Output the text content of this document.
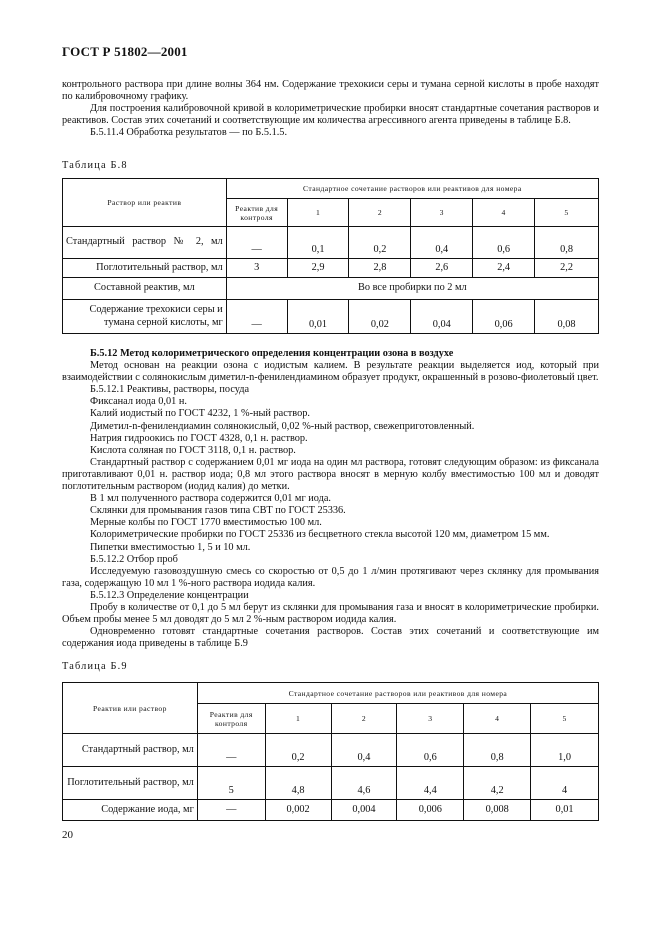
ГОСТ Р 51802—2001

контрольного раствора при длине волны 364 нм. Содержание трехокиси серы и тумана серной кислоты в пробе находят по калибровочному графику.

Для построения калибровочной кривой в колориметрические пробирки вносят стандартные сочетания растворов и реактивов. Состав этих сочетаний и соответствующие им количества агрессивного агента приведены в таблице Б.8.

Б.5.11.4 Обработка результатов — по Б.5.1.5.

Таблица Б.8
Раствор или реактив	Стандартное сочетание растворов или реактивов для номера					
	Реактив для контроля	1	2	3	4	5
Стандартный раствор № 2, мл	—	0,1	0,2	0,4	0,6	0,8
Поглотительный раствор, мл	3	2,9	2,8	2,6	2,4	2,2
Составной реактив, мл	Во все пробирки по 2 мл					
Содержание трехокиси серы и тумана серной кислоты, мг	—	0,01	0,02	0,04	0,06	0,08

Б.5.12 Метод колориметрического определения концентрации озона в воздухе

Метод основан на реакции озона с иодистым калием. В результате реакции выделяется иод, который при взаимодействии с солянокислым диметил-n-фенилендиамином образует продукт, окрашенный в розово-фиолетовый цвет.

Б.5.12.1 Реактивы, растворы, посуда

Фиксанал иода 0,01 н.

Калий иодистый по ГОСТ 4232, 1 %-ный раствор.

Диметил-n-фенилендиамин солянокислый, 0,02 %-ный раствор, свежеприготовленный.

Натрия гидроокись по ГОСТ 4328, 0,1 н. раствор.

Кислота соляная по ГОСТ 3118, 0,1 н. раствор.

Стандартный раствор с содержанием 0,01 мг иода на один мл раствора, готовят следующим образом: из фиксанала приготавливают 0,01 н. раствор иода; 0,8 мл этого раствора вносят в мерную колбу вместимостью 100 мл и доводят поглотительным раствором (иодид калия) до метки.

В 1 мл полученного раствора содержится 0,01 мг иода.

Склянки для промывания газов типа СВТ по ГОСТ 25336.

Мерные колбы по ГОСТ 1770 вместимостью 100 мл.

Колориметрические пробирки по ГОСТ 25336 из бесцветного стекла высотой 120 мм, диаметром 15 мм.

Пипетки вместимостью 1, 5 и 10 мл.

Б.5.12.2 Отбор проб

Исследуемую газовоздушную смесь со скоростью от 0,5 до 1 л/мин протягивают через склянку для промывания газа, содержащую 10 мл 1 %-ного раствора иодида калия.

Б.5.12.3 Определение концентрации

Пробу в количестве от 0,1 до 5 мл берут из склянки для промывания газа и вносят в колориметрические пробирки. Объем пробы менее 5 мл доводят до 5 мл 2 %-ным раствором иодида калия.

Одновременно готовят стандартные сочетания растворов. Состав этих сочетаний и соответствующие им содержания иода приведены в таблице Б.9

Таблица Б.9
Реактив или раствор	Стандартное сочетание растворов или реактивов для номера					
	Реактив для контроля	1	2	3	4	5
Стандартный раствор, мл	—	0,2	0,4	0,6	0,8	1,0
Поглотительный раствор, мл	5	4,8	4,6	4,4	4,2	4
Содержание иода, мг	—	0,002	0,004	0,006	0,008	0,01
20
